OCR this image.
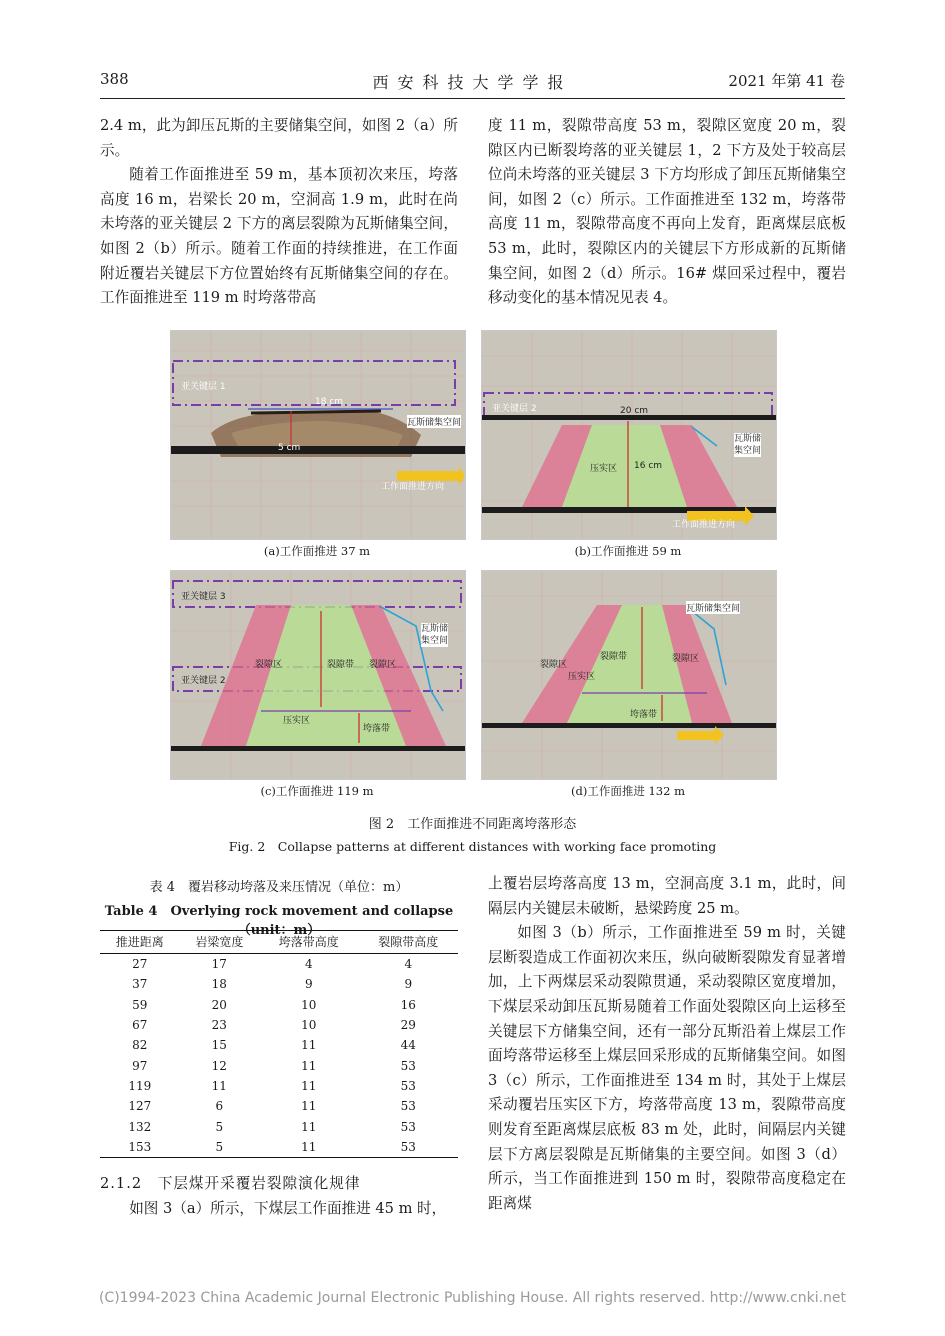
388	西安科技大学学报	2021 年第 41 卷

2.4 m，此为卸压瓦斯的主要储集空间，如图 2（a）所示。

随着工作面推进至 59 m，基本顶初次来压，垮落高度 16 m，岩梁长 20 m，空洞高 1.9 m，此时在尚未垮落的亚关键层 2 下方的离层裂隙为瓦斯储集空间，如图 2（b）所示。随着工作面的持续推进，在工作面附近覆岩关键层下方位置始终有瓦斯储集空间的存在。工作面推进至 119 m 时垮落带高

度 11 m，裂隙带高度 53 m，裂隙区宽度 20 m，裂隙区内已断裂垮落的亚关键层 1，2 下方及处于较高层位尚未垮落的亚关键层 3 下方均形成了卸压瓦斯储集空间，如图 2（c）所示。工作面推进至 132 m，垮落带高度 11 m，裂隙带高度不再向上发育，距离煤层底板 53 m，此时，裂隙区内的关键层下方形成新的瓦斯储集空间，如图 2（d）所示。16# 煤回采过程中，覆岩移动变化的基本情况见表 4。

亚关键层 1
18 cm
瓦斯储集空间
5 cm
工作面推进方向
(a)工作面推进 37 m
亚关键层 2	20 cm
瓦斯储
集空间
压实区 16 cm
工作面推进方向
(b)工作面推进 59 m
亚关键层 3
亚关键层 2
瓦斯储
集空间
裂隙带
裂隙区	裂隙区
压实区
垮落带
(c)工作面推进 119 m
瓦斯储集空间
裂隙区
裂隙带	裂隙区
压实区
垮落带
(d)工作面推进 132 m
图 2　工作面推进不同距离垮落形态
Fig. 2　Collapse patterns at different distances with working face promoting
表 4　覆岩移动垮落及来压情况（单位：m）
Table 4　Overlying rock movement and collapse（unit：m）
推进距离	岩梁宽度	垮落带高度	裂隙带高度
27	17	4	4
37	18	9	9
59	20	10	16
67	23	10	29
82	15	11	44
97	12	11	53
119	11	11	53
127	6	11	53
132	5	11	53
153	5	11	53

2.1.2　下层煤开采覆岩裂隙演化规律

如图 3（a）所示，下煤层工作面推进 45 m 时，

上覆岩层垮落高度 13 m，空洞高度 3.1 m，此时，间隔层内关键层未破断，悬梁跨度 25 m。

如图 3（b）所示，工作面推进至 59 m 时，关键层断裂造成工作面初次来压，纵向破断裂隙发育显著增加，上下两煤层采动裂隙贯通，采动裂隙区宽度增加，下煤层采动卸压瓦斯易随着工作面处裂隙区向上运移至关键层下方储集空间，还有一部分瓦斯沿着上煤层工作面垮落带运移至上煤层回采形成的瓦斯储集空间。如图 3（c）所示，工作面推进至 134 m 时，其处于上煤层采动覆岩压实区下方，垮落带高度 13 m，裂隙带高度则发育至距离煤层底板 83 m 处，此时，间隔层内关键层下方离层裂隙是瓦斯储集的主要空间。如图 3（d）所示，当工作面推进到 150 m 时，裂隙带高度稳定在距离煤

(C)1994-2023 China Academic Journal Electronic Publishing House. All rights reserved. http://www.cnki.net
